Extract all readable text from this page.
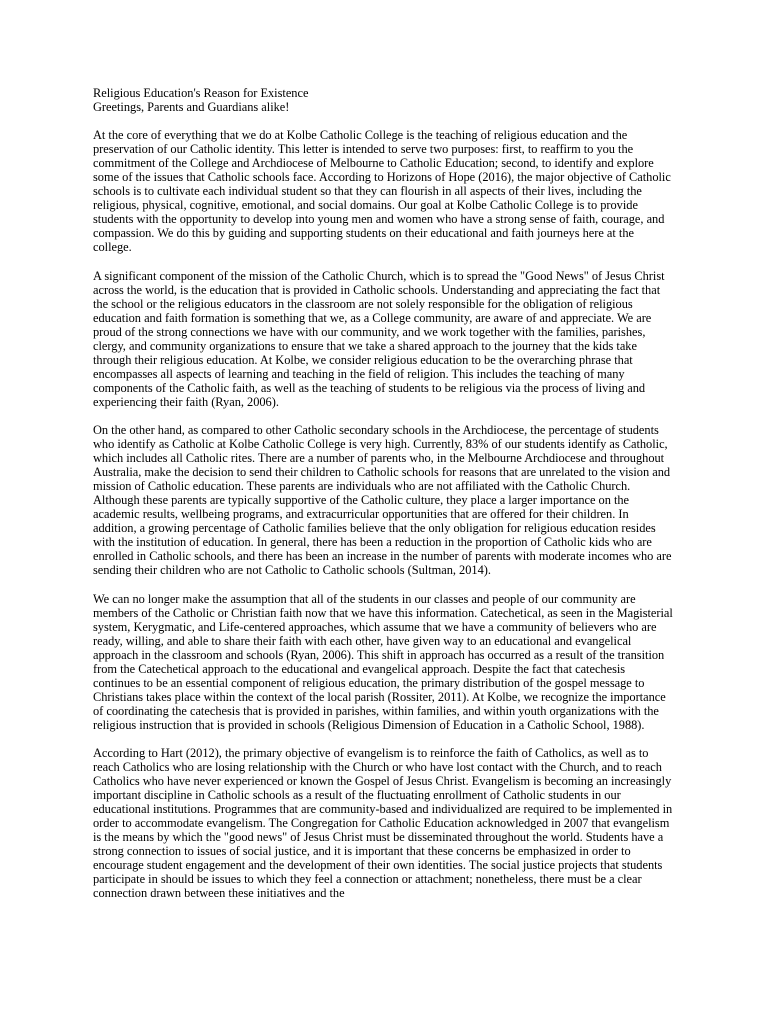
Religious Education's Reason for Existence

Greetings, Parents and Guardians alike!

At the core of everything that we do at Kolbe Catholic College is the teaching of religious education and the preservation of our Catholic identity. This letter is intended to serve two purposes: first, to reaffirm to you the commitment of the College and Archdiocese of Melbourne to Catholic Education; second, to identify and explore some of the issues that Catholic schools face. According to Horizons of Hope (2016), the major objective of Catholic schools is to cultivate each individual student so that they can flourish in all aspects of their lives, including the religious, physical, cognitive, emotional, and social domains. Our goal at Kolbe Catholic College is to provide students with the opportunity to develop into young men and women who have a strong sense of faith, courage, and compassion. We do this by guiding and supporting students on their educational and faith journeys here at the college.

A significant component of the mission of the Catholic Church, which is to spread the "Good News" of Jesus Christ across the world, is the education that is provided in Catholic schools. Understanding and appreciating the fact that the school or the religious educators in the classroom are not solely responsible for the obligation of religious education and faith formation is something that we, as a College community, are aware of and appreciate. We are proud of the strong connections we have with our community, and we work together with the families, parishes, clergy, and community organizations to ensure that we take a shared approach to the journey that the kids take through their religious education. At Kolbe, we consider religious education to be the overarching phrase that encompasses all aspects of learning and teaching in the field of religion. This includes the teaching of many components of the Catholic faith, as well as the teaching of students to be religious via the process of living and experiencing their faith (Ryan, 2006).

On the other hand, as compared to other Catholic secondary schools in the Archdiocese, the percentage of students who identify as Catholic at Kolbe Catholic College is very high. Currently, 83% of our students identify as Catholic, which includes all Catholic rites. There are a number of parents who, in the Melbourne Archdiocese and throughout Australia, make the decision to send their children to Catholic schools for reasons that are unrelated to the vision and mission of Catholic education. These parents are individuals who are not affiliated with the Catholic Church. Although these parents are typically supportive of the Catholic culture, they place a larger importance on the academic results, wellbeing programs, and extracurricular opportunities that are offered for their children. In addition, a growing percentage of Catholic families believe that the only obligation for religious education resides with the institution of education. In general, there has been a reduction in the proportion of Catholic kids who are enrolled in Catholic schools, and there has been an increase in the number of parents with moderate incomes who are sending their children who are not Catholic to Catholic schools (Sultman, 2014).

We can no longer make the assumption that all of the students in our classes and people of our community are members of the Catholic or Christian faith now that we have this information. Catechetical, as seen in the Magisterial system, Kerygmatic, and Life-centered approaches, which assume that we have a community of believers who are ready, willing, and able to share their faith with each other, have given way to an educational and evangelical approach in the classroom and schools (Ryan, 2006). This shift in approach has occurred as a result of the transition from the Catechetical approach to the educational and evangelical approach. Despite the fact that catechesis continues to be an essential component of religious education, the primary distribution of the gospel message to Christians takes place within the context of the local parish (Rossiter, 2011). At Kolbe, we recognize the importance of coordinating the catechesis that is provided in parishes, within families, and within youth organizations with the religious instruction that is provided in schools (Religious Dimension of Education in a Catholic School, 1988).

According to Hart (2012), the primary objective of evangelism is to reinforce the faith of Catholics, as well as to reach Catholics who are losing relationship with the Church or who have lost contact with the Church, and to reach Catholics who have never experienced or known the Gospel of Jesus Christ. Evangelism is becoming an increasingly important discipline in Catholic schools as a result of the fluctuating enrollment of Catholic students in our educational institutions. Programmes that are community-based and individualized are required to be implemented in order to accommodate evangelism. The Congregation for Catholic Education acknowledged in 2007 that evangelism is the means by which the "good news" of Jesus Christ must be disseminated throughout the world. Students have a strong connection to issues of social justice, and it is important that these concerns be emphasized in order to encourage student engagement and the development of their own identities. The social justice projects that students participate in should be issues to which they feel a connection or attachment; nonetheless, there must be a clear connection drawn between these initiatives and the
